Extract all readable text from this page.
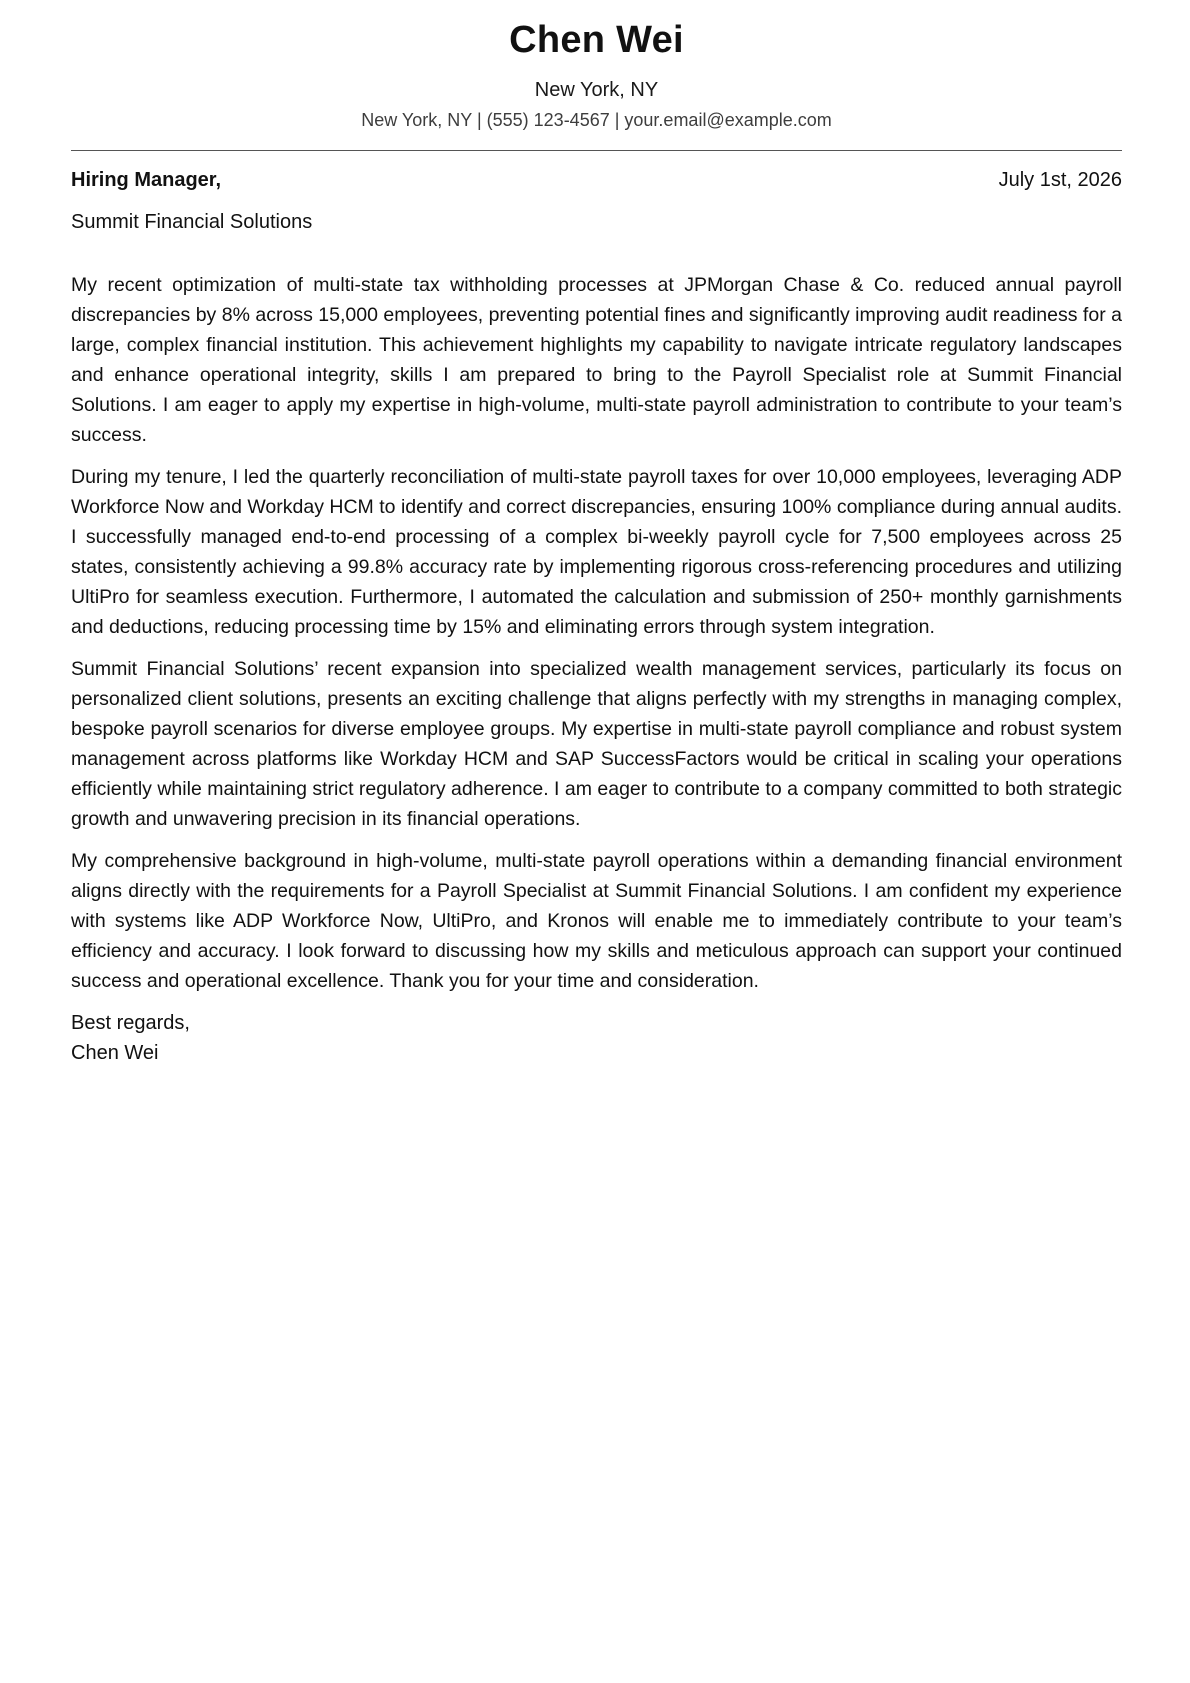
Chen Wei
New York, NY
New York, NY | (555) 123-4567 | your.email@example.com
Hiring Manager,	July 1st, 2026
Summit Financial Solutions

My recent optimization of multi-state tax withholding processes at JPMorgan Chase & Co. reduced annual payroll discrepancies by 8% across 15,000 employees, preventing potential fines and significantly improving audit readiness for a large, complex financial institution. This achievement highlights my capability to navigate intricate regulatory landscapes and enhance operational integrity, skills I am prepared to bring to the Payroll Specialist role at Summit Financial Solutions. I am eager to apply my expertise in high-volume, multi-state payroll administration to contribute to your team’s success.

During my tenure, I led the quarterly reconciliation of multi-state payroll taxes for over 10,000 employees, leveraging ADP Workforce Now and Workday HCM to identify and correct discrepancies, ensuring 100% compliance during annual audits. I successfully managed end-to-end processing of a complex bi-weekly payroll cycle for 7,500 employees across 25 states, consistently achieving a 99.8% accuracy rate by implementing rigorous cross-referencing procedures and utilizing UltiPro for seamless execution. Furthermore, I automated the calculation and submission of 250+ monthly garnishments and deductions, reducing processing time by 15% and eliminating errors through system integration.

Summit Financial Solutions’ recent expansion into specialized wealth management services, particularly its focus on personalized client solutions, presents an exciting challenge that aligns perfectly with my strengths in managing complex, bespoke payroll scenarios for diverse employee groups. My expertise in multi-state payroll compliance and robust system management across platforms like Workday HCM and SAP SuccessFactors would be critical in scaling your operations efficiently while maintaining strict regulatory adherence. I am eager to contribute to a company committed to both strategic growth and unwavering precision in its financial operations.

My comprehensive background in high-volume, multi-state payroll operations within a demanding financial environment aligns directly with the requirements for a Payroll Specialist at Summit Financial Solutions. I am confident my experience with systems like ADP Workforce Now, UltiPro, and Kronos will enable me to immediately contribute to your team’s efficiency and accuracy. I look forward to discussing how my skills and meticulous approach can support your continued success and operational excellence. Thank you for your time and consideration.

Best regards,
Chen Wei
